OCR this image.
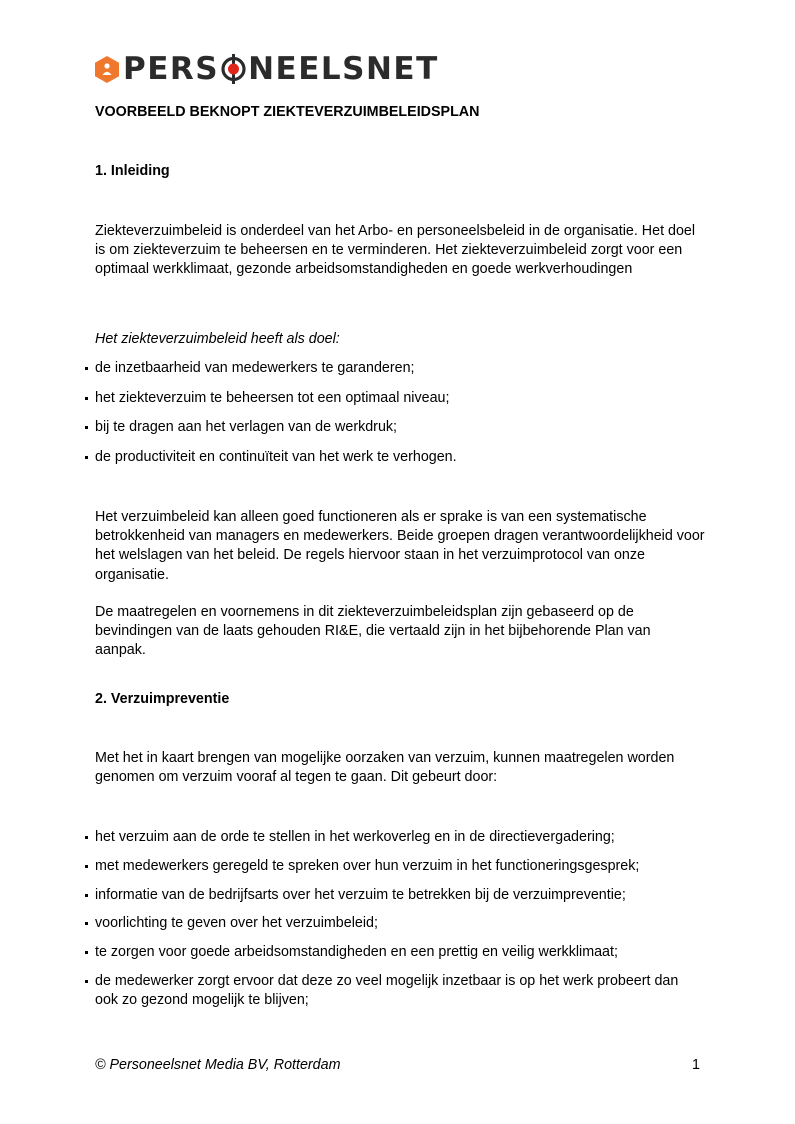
PERS NEELSNET
VOORBEELD BEKNOPT ZIEKTEVERZUIMBELEIDSPLAN
1. Inleiding
Ziekteverzuimbeleid is onderdeel van het Arbo- en personeelsbeleid in de organisatie. Het doel is om ziekteverzuim te beheersen en te verminderen. Het ziekteverzuimbeleid zorgt voor een optimaal werkklimaat, gezonde arbeidsomstandigheden en goede werkverhoudingen
Het ziekteverzuimbeleid heeft als doel:
de inzetbaarheid van medewerkers te garanderen;
het ziekteverzuim te beheersen tot een optimaal niveau;
bij te dragen aan het verlagen van de werkdruk;
de productiviteit en continuïteit van het werk te verhogen.
Het verzuimbeleid kan alleen goed functioneren als er sprake is van een systematische betrokkenheid van managers en medewerkers. Beide groepen dragen verantwoordelijkheid voor het welslagen van het beleid. De regels hiervoor staan in het verzuimprotocol van onze organisatie.
De maatregelen en voornemens in dit ziekteverzuimbeleidsplan zijn gebaseerd op de bevindingen van de laats gehouden RI&E, die vertaald zijn in het bijbehorende Plan van aanpak.
2. Verzuimpreventie
Met het in kaart brengen van mogelijke oorzaken van verzuim, kunnen maatregelen worden genomen om verzuim vooraf al tegen te gaan. Dit gebeurt door:
het verzuim aan de orde te stellen in het werkoverleg en in de directievergadering;
met medewerkers geregeld te spreken over hun verzuim in het functioneringsgesprek;
informatie van de bedrijfsarts over het verzuim te betrekken bij de verzuimpreventie;
voorlichting te geven over het verzuimbeleid;
te zorgen voor goede arbeidsomstandigheden en een prettig en veilig werkklimaat;
de medewerker zorgt ervoor dat deze zo veel mogelijk inzetbaar is op het werk probeert dan ook zo gezond mogelijk te blijven;
© Personeelsnet Media BV, Rotterdam	1
